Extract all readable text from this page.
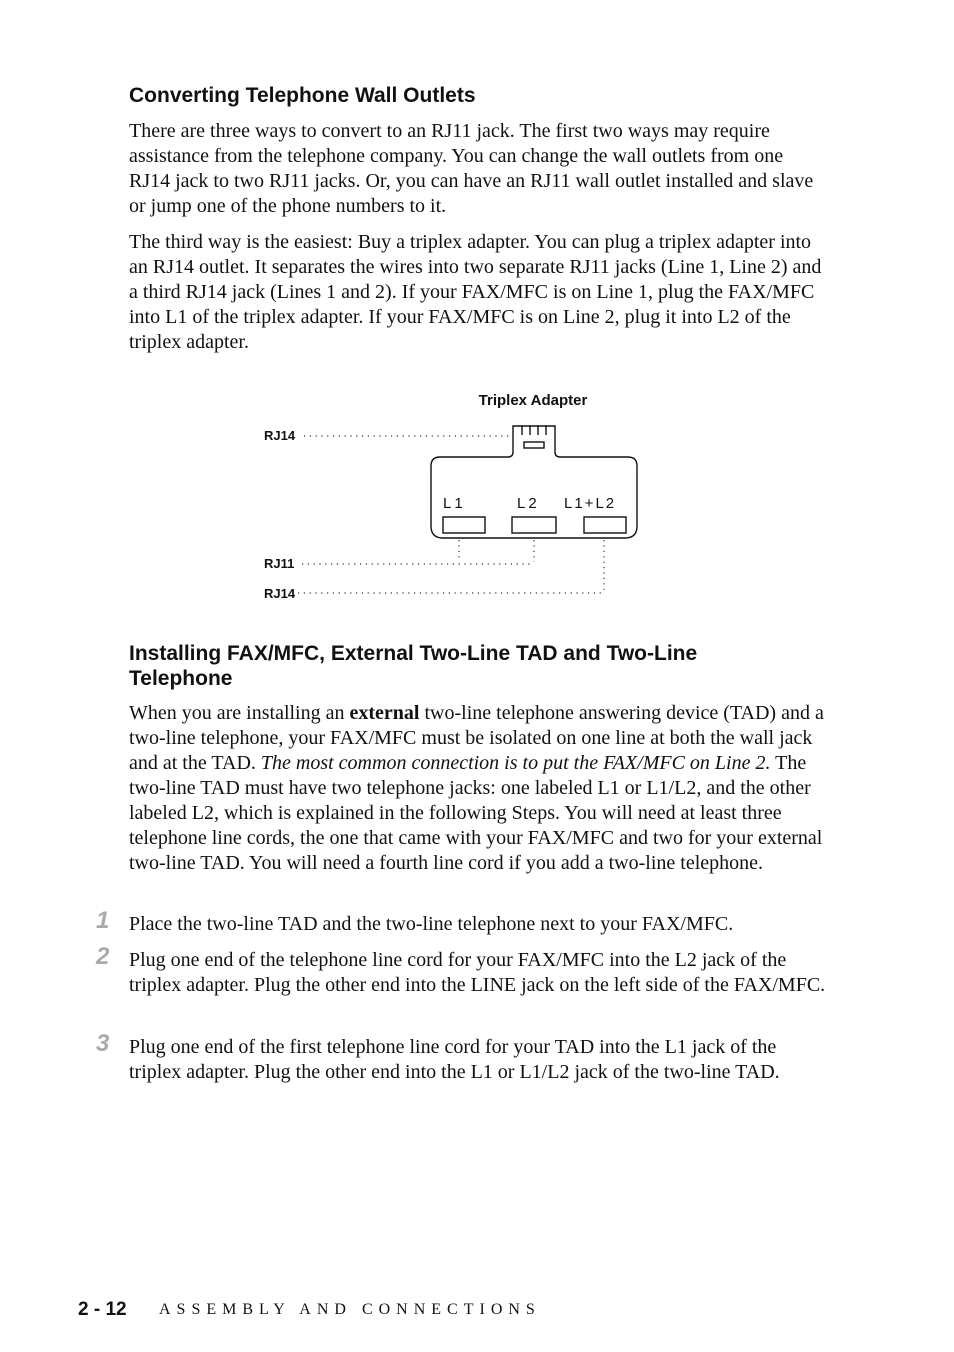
Converting Telephone Wall Outlets

There are three ways to convert to an RJ11 jack. The first two ways may require assistance from the telephone company. You can change the wall outlets from one RJ14 jack to two RJ11 jacks. Or, you can have an RJ11 wall outlet installed and slave or jump one of the phone numbers to it.

The third way is the easiest: Buy a triplex adapter. You can plug a triplex adapter into an RJ14 outlet. It separates the wires into two separate RJ11 jacks (Line 1, Line 2) and a third RJ14 jack (Lines 1 and 2). If your FAX/MFC is on Line 1, plug the FAX/MFC into L1 of the triplex adapter. If your FAX/MFC is on Line 2, plug it into L2 of the triplex adapter.

Triplex Adapter
RJ14
L1	L2 L1+L2
RJ11
RJ14
Installing FAX/MFC, External Two-Line TAD and Two-Line
Telephone

When you are installing an external two-line telephone answering device (TAD) and a two-line telephone, your FAX/MFC must be isolated on one line at both the wall jack and at the TAD. The most common connection is to put the FAX/MFC on Line 2. The two-line TAD must have two telephone jacks: one labeled L1 or L1/L2, and the other labeled L2, which is explained in the following Steps. You will need at least three telephone line cords, the one that came with your FAX/MFC and two for your external two-line TAD. You will need a fourth line cord if you add a two-line telephone.

1 Place the two-line TAD and the two-line telephone next to your FAX/MFC.

2 Plug one end of the telephone line cord for your FAX/MFC into the L2 jack of the triplex adapter. Plug the other end into the LINE jack on the left side of the FAX/MFC.

3 Plug one end of the first telephone line cord for your TAD into the L1 jack of the triplex adapter. Plug the other end into the L1 or L1/L2 jack of the two-line TAD.

2 - 12 ASSEMBLY AND CONNECTIONS
